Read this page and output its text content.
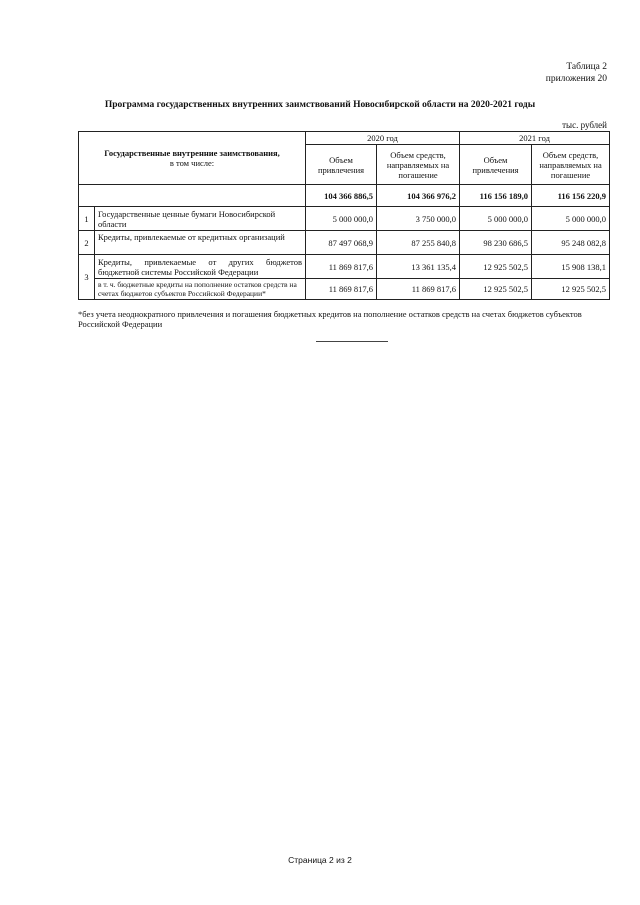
Таблица 2
приложения 20
Программа государственных внутренних заимствований Новосибирской области на 2020-2021 годы
тыс. рублей
Государственные внутренние заимствования,
в том числе:		2020 год		2021 год	
		Объем привлечения	Объем средств, направляемых на погашение	Объем привлечения	Объем средств, направляемых на погашение
		104 366 886,5	104 366 976,2	116 156 189,0	116 156 220,9
1	Государственные ценные бумаги Новосибирской области	5 000 000,0	3 750 000,0	5 000 000,0	5 000 000,0
2	Кредиты, привлекаемые от кредитных организаций	87 497 068,9	87 255 840,8	98 230 686,5	95 248 082,8
3	Кредиты, привлекаемые от других бюджетов бюджетной системы Российской Федерации	11 869 817,6	13 361 135,4	12 925 502,5	15 908 138,1
	в т. ч. бюджетные кредиты на пополнение остатков средств на счетах бюджетов субъектов Российской Федерации*	11 869 817,6	11 869 817,6	12 925 502,5	12 925 502,5
*без учета неоднократного привлечения и погашения бюджетных кредитов на пополнение остатков средств на счетах бюджетов субъектов Российской Федерации
Страница 2 из 2
